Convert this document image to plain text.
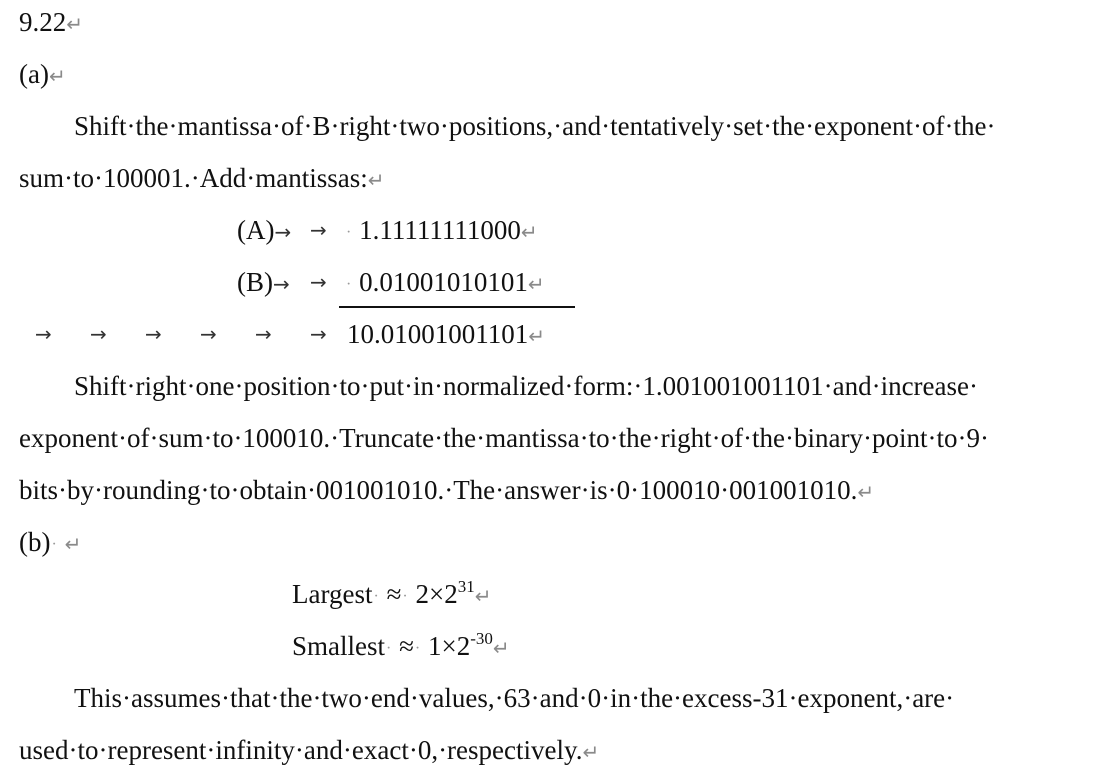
9.22↵
(a)↵
Shift·the·mantissa·of·B·right·two·positions,·and·tentatively·set·the·exponent·of·the·
sum·to·100001.·Add·mantissas:↵
(A)→ → · 1.11111111000↵
(B)→ → · 0.01001010101↵
→ → → → → → 10.01001001101↵
Shift·right·one·position·to·put·in·normalized·form:·1.001001001101·and·increase·
exponent·of·sum·to·100010.·Truncate·the·mantissa·to·the·right·of·the·binary·point·to·9·
bits·by·rounding·to·obtain·001001010.·The·answer·is·0·100010·001001010.↵
(b)· ↵
Largest· ≈· $2\times 2^{31}↵$
Smallest· ≈· $1\times 2^{-30}↵$
This·assumes·that·the·two·end·values,·63·and·0·in·the·excess-31·exponent,·are·
used·to·represent·infinity·and·exact·0,·respectively.↵
